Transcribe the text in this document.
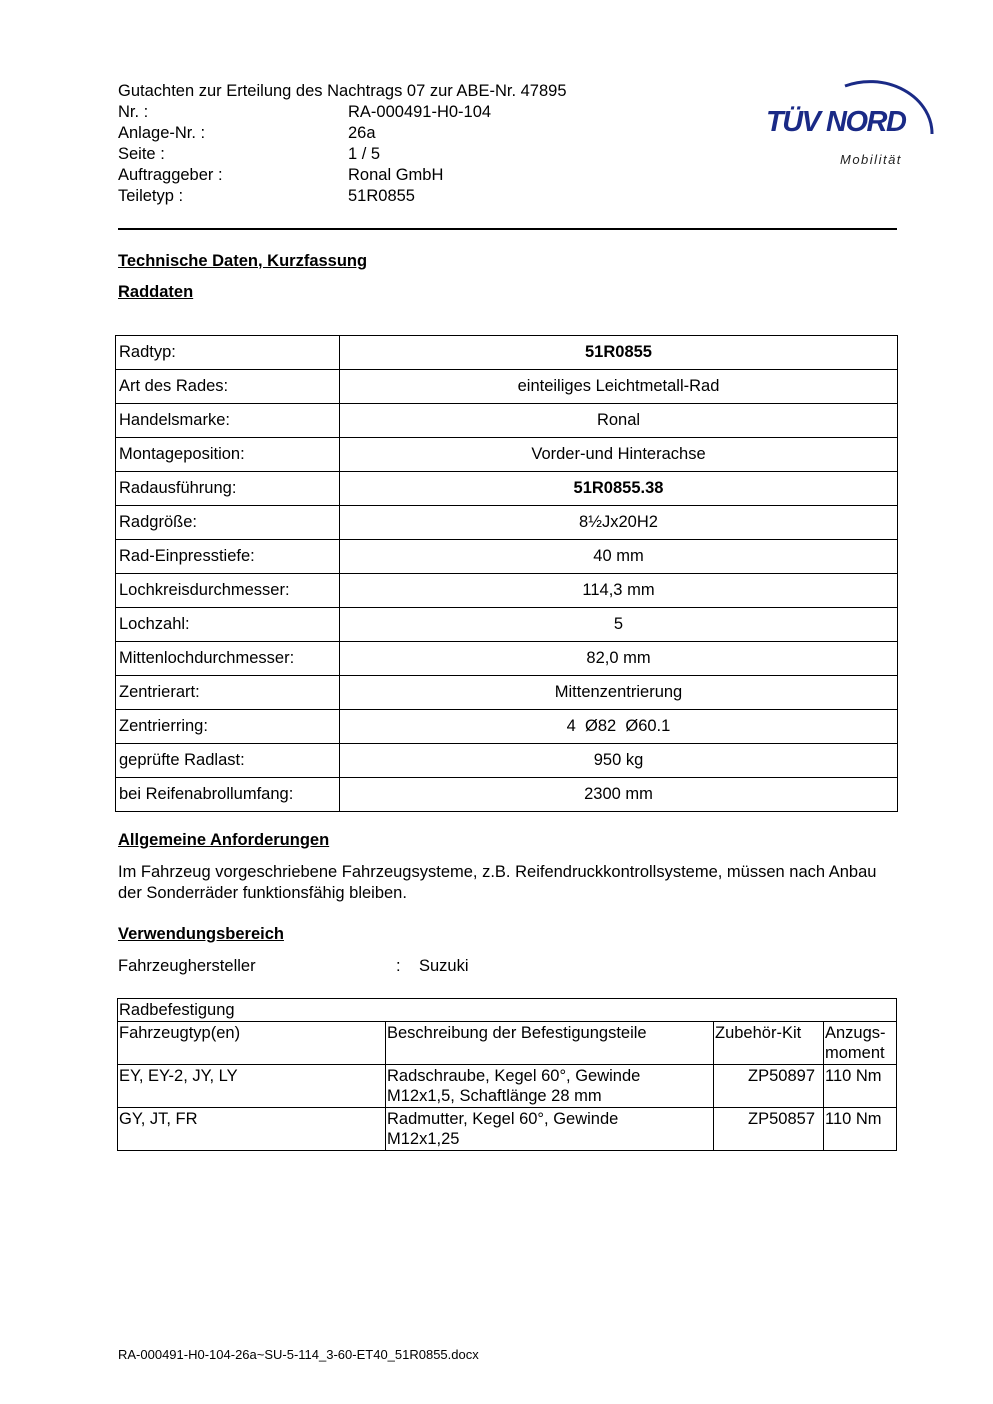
Gutachten zur Erteilung des Nachtrags 07 zur ABE-Nr. 47895
Nr. :	RA-000491-H0-104
Anlage-Nr. :	26a
Seite :	1 / 5
Auftraggeber :	Ronal GmbH
Teiletyp :	51R0855
TÜV NORD
Mobilität
Technische Daten, Kurzfassung
Raddaten
Radtyp:	51R0855
Art des Rades:	einteiliges Leichtmetall-Rad
Handelsmarke:	Ronal
Montageposition:	Vorder-und Hinterachse
Radausführung:	51R0855.38
Radgröße:	8½Jx20H2
Rad-Einpresstiefe:	40 mm
Lochkreisdurchmesser:	114,3 mm
Lochzahl:	5
Mittenlochdurchmesser:	82,0 mm
Zentrierart:	Mittenzentrierung
Zentrierring:	4  Ø82  Ø60.1
geprüfte Radlast:	950 kg
bei Reifenabrollumfang:	2300 mm
Allgemeine Anforderungen
Im Fahrzeug vorgeschriebene Fahrzeugsysteme, z.B. Reifendruckkontrollsysteme, müssen nach Anbau der Sonderräder funktionsfähig bleiben.
Verwendungsbereich
Fahrzeughersteller	:	Suzuki
Radbefestigung			
Fahrzeugtyp(en)	Beschreibung der Befestigungsteile	Zubehör-Kit	Anzugs-
moment

EY, EY-2, JY, LY	Radschraube, Kegel 60°, Gewinde
M12x1,5, Schaftlänge 28 mm	ZP50897	110 Nm
GY, JT, FR	Radmutter, Kegel 60°, Gewinde
M12x1,25	ZP50857	110 Nm
RA-000491-H0-104-26a~SU-5-114_3-60-ET40_51R0855.docx
